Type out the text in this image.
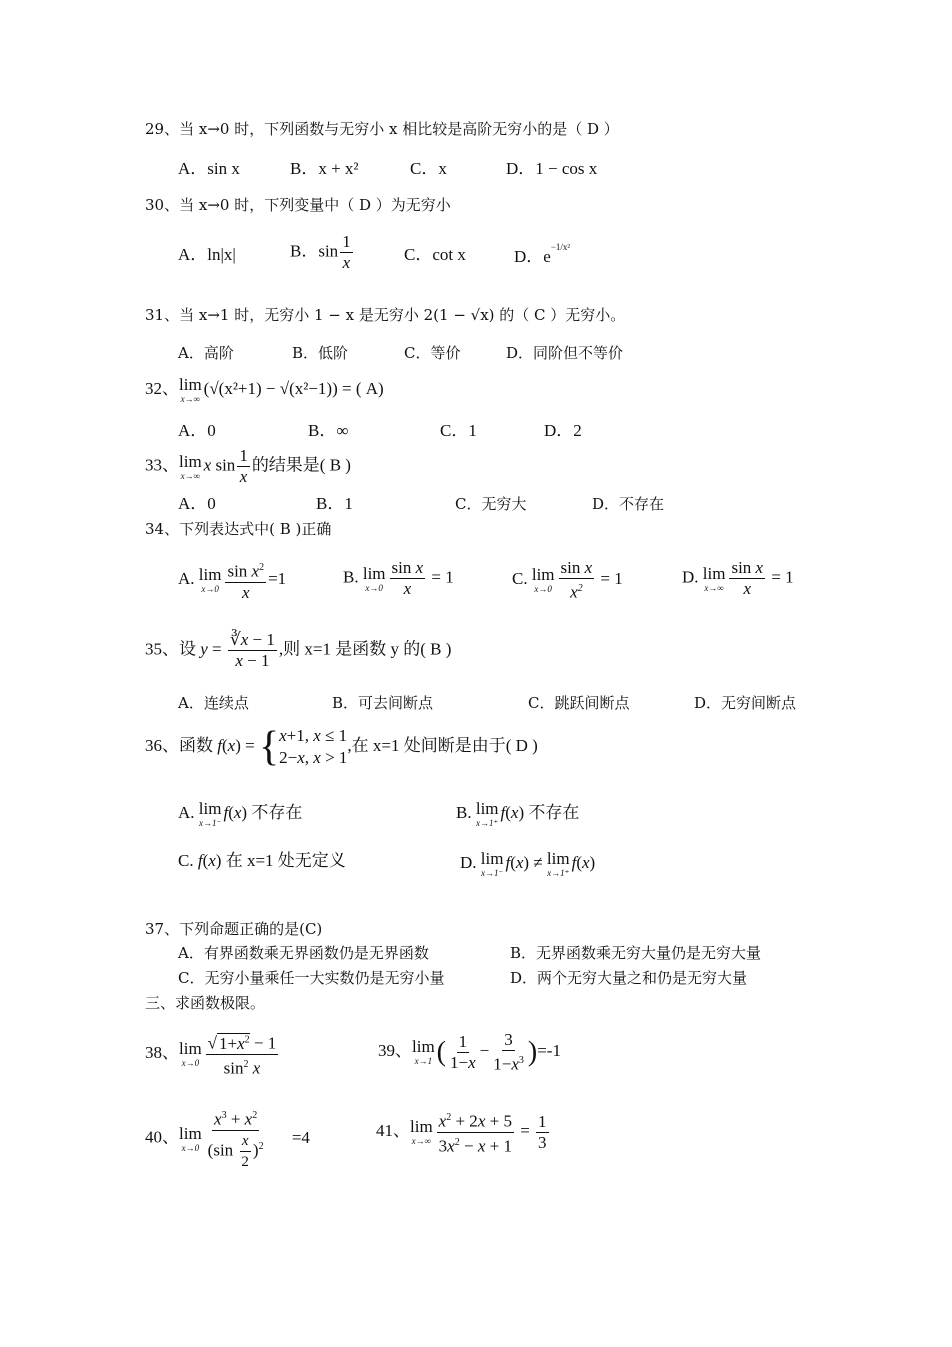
29、当 x→0 时，下列函数与无穷小 x 相比较是高阶无穷小的是（ D ）
A．sin x	B．x + x²	C．x	D．1 − cos x
30、当 x→0 时，下列变量中（ D ）为无穷小
A．ln|x|	B．$\sin \frac{1}{x}$	C．cot x	D．$e^{-1/x^2}$
31、当 x→1 时，无穷小 1 − x 是无穷小 2(1 − √x) 的（ C ）无穷小。
A．高阶	B．低阶	C．等价	D．同阶但不等价
32、 lim
x→∞
(√(x²+1) − √(x²−1)) = ( A)
A．0	B．∞	C．1	D．2
33、 lim
x→∞
x $\sin \frac{1}{x}$ 的结果是( B )
A．0	B．1	C．无穷大	D．不存在
34、下列表达式中( B )正确
A. lim
$x\to 0 \frac{\sin x^2}{x} =1$	B. lim
$x\to 0 \frac{\text{sin x}}{x} = 1$	C. lim
$x\to 0 \frac{\text{sin x}}{x^2} = 1$	D. lim
$x\to\infty \frac{\text{sin x}}{x} = 1$
35、设 $y = \frac{∛x - 1}{x - 1}$ ,则 x=1 是函数 y 的( B )
A．连续点	B．可去间断点	C．跳跃间断点	D．无穷间断点
36、函数 f(x) = { x+1, x ≤ 1
2−x, x > 1
,在 x=1 处间断是由于( D )
A. lim
x→1⁻
f(x) 不存在	B. lim
x→1⁺
f(x) 不存在
C. f(x) 在 x=1 处无定义	D. lim
x→1⁻
f(x) ≠ lim
x→1⁺
f(x)
37、下列命题正确的是(C)
A．有界函数乘无界函数仍是无界函数	B．无界函数乘无穷大量仍是无穷大量
C．无穷小量乘任一大实数仍是无穷小量	D．两个无穷大量之和仍是无穷大量
三、求函数极限。
38、 lim
$x\to 0 \frac{√ 1+x^2 - 1}{\sin^2 x}$	39、 lim
x→1 ( $\frac{1}{1-x} - \frac{3}{1-x^3} )=-1$
40、 lim
$x\to 0 \frac{x^3 + x^2}{(\sin \frac{x}{2} )^2} =4$	41、 lim
$x\to\infty \frac{x^2 + 2x + 5}{3x^2 - x + 1} = \frac{1}{3}$
